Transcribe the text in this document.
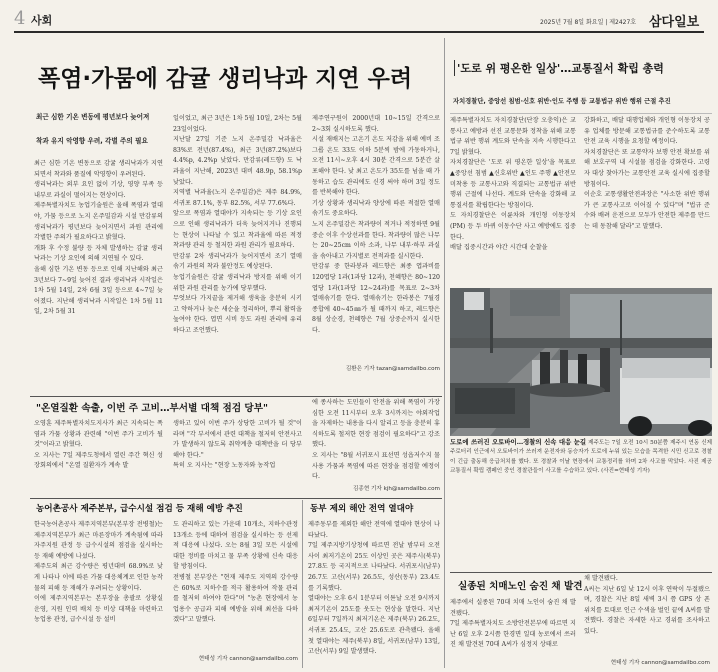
4 사회	2025년 7월 8일 화요일 | 제2427호 삼다일보
폭염·가뭄에 감귤 생리낙과 지연 우려
최근 심한 기온 변동에 평년보다 늦어져
착과 유지 악영향 우려, 각별 주의 필요
최근 심한 기온 변동으로 감귤 생리낙과가 지연되면서 착과와 품질에 악영향이 우려된다.
생리낙과는 외부 요인 없이 기상, 영양 부족 등 내부로 과실이 떨어지는 현상이다.
제주특별자치도 농업기술원은 올해 폭염과 열대야, 가뭄 등으로 노지 온주밀감과 시설 만감류의 생리낙과가 평년보다 늦어지면서 과원 관리에 각별한 주의가 필요하다고 밝혔다.
개화 후 수정 불량 등 자체 발생하는 감귤 생리낙과는 기상 요인에 의해 지연될 수 있다.
올해 심한 기온 변동 등으로 인해 지난해와 최근 3년보다 7~9일 늦어진 결과 생리낙과 시작일은 1차 5월 14일, 2차 6월 3일 등으로 4~7일 늦어졌다. 지난해 생리낙과 시작일은 1차 5월 11일, 2차 5월 31
일이었고, 최근 3년은 1차 5월 10일, 2차는 5월 23일이었다.
지난달 27일 기준 노지 온주밀감 낙과율은 83%로 전년(87.4%), 최근 3년(87.2%)보다 4.4%p, 4.2%p 낮았다. 만감류(레드향) 도 낙과율이 지난해, 2023년 대비 48.9p, 58.1%p 낮았다.
지역별 낙과율(노지 온주밀감)은 제주 84.9%, 서귀포 87.1%, 동부 82.5%, 서부 77.6%다.
앞으로 폭염과 열대야가 지속되는 등 기상 요인으로 인해 생리낙과가 더욱 늦어지거나 진행되는 현상이 나타날 수 있고 착과율에 따른 적정 착과량 관리 등 철저한 과원 관리가 필요하다.
만감류 2차 생리낙과가 늦어지면서 조기 열매 솎기 과원의 착과 불안정도 예상된다.
농업기술원은 감귤 생리낙과 방지를 위해 이기 위한 과원 관리를 농가에 당부했다.
무엇보다 가지끝을 제거해 생육을 충분히 시키고 약하거나 늦은 새순을 정리하며, 뿌리 활력을 높여야 한다. 엽면 시비 등도 과원 관리에 유리하다고 조언했다.
제주연구원이 2000년대 10~15일 간격으로 2~3회 실시하도록 했다.
시설 재배지는 고온기 온도 저감을 위해 예비 조그룹 온도 33도 이하 5분씩 밤에 가동하거나, 오전 11시~오후 4시 30분 간격으로 5분간 살포해야 한다. 낮 최고 온도가 35도를 넘을 때 가동하고 습도 관리에도 신경 써야 하며 3일 정도를 반복해야 한다.
기상 상황과 생리낙과 양상에 따른 적절한 열매솎기도 중요하다.
노지 온주밀감은 착과량이 적거나 적정하면 9월 중순 이후 수상선과를 한다. 착과량이 많은 나무는 20~25cm 이하 소과, 나무 내부·하부 과실을 솎아내고 가지별로 전적과를 실시한다.
만감류 중 한라봉과 레드향은 최종 엽과비를 120엽당 1과(1과당 12과), 천혜향은 80~120엽당 1과(1과당 12~24과)를 목표로 2~3차 열매솎기를 한다. 열매솎기는 한라봉은 7월경 종합에 40~45㎜가 될 때까지 하고, 레드향은 8월 상순경, 천혜향은 7월 상중순까지 실시한다.
김환은 기자 tazan@samdailbo.com
'도로 위 평온한 일상'…교통질서 확립 총력
자치경찰단, 중앙선 침범·신호 위반·인도 주행 등 교통법규 위반 행위 근절 추진
제주특별자치도 자치경찰단(단장 오충익)은 교통사고 예방과 선진 교통문화 정착을 위해 교통법규 위반 행위 계도와 단속을 지속 시행한다고 7일 밝혔다.
자치경찰단은 '도로 위 평온한 일상'을 목표로 ▲중앙선 침범 ▲신호위반 ▲인도 주행 ▲안전모 미착용 등 교통사고와 직결되는 교통법규 위반 행위 근절에 나선다. 계도와 단속을 강화해 교통질서를 확립한다는 방침이다.
도 자치경찰단은 이륜차와 개인형 이동장치(PM) 등 두 바퀴 이동수단 사고 예방에도 집중한다.
배달 집중시간과 야간 시간대 순찰을
강화하고, 배달 대행업체와 개인형 이동장치 공유 업체를 방문해 교통법규를 준수하도록 교통안전 교육 시행을 요청할 예정이다.
자치경찰단은 또 교통약자 보행 안전 확보를 위해 보호구역 내 시설물 점검을 강화한다. 고령자 대상 찾아가는 교통안전 교육 실시에 집중할 방침이다.
이순호 교통생활안전과장은 "사소한 위반 행위가 큰 교통사고로 이어질 수 있다"며 "법규 준수와 배려 운전으로 모두가 안전한 제주를 만드는 데 동참해 달라"고 말했다.
도로에 쓰러진 오토바이…경찰의 신속 대응 눈길 제주도는 7일 오전 10시 50분쯤 제주시 연동 신제주로터리 인근에서 오토바이가 쓰러져 운전자와 동승자가 도로에 누워 있는 모습을 목격한 시민 신고로 경찰이 긴급 출동해 응급처치를 했다. 또 경찰과 이날 현장에서 교통정리를 하며 2차 사고를 막았다. 사진 제공 교통질서 확립 캠페인 중인 경찰관들이 사고를 수습하고 있다. (사진=현태성 기자)
"온열질환 속출, 이번 주 고비…부서별 대책 점검 당부"
오영훈 제주특별자치도지사가 최근 지속되는 폭염과 가뭄 상황과 관련해 "이번 주가 고비가 될 것"이라고 밝혔다.
오 지사는 7일 제주도청에서 열린 주간 혁신 성장회의에서 "온열 질환자가 계속 발
생하고 있어 이번 주가 상당한 고비가 될 것"이라며 "각 부서에서 관련 대책을 철저히 안전사고가 발생하지 않도록 취약계층 대책반을 더 당부해야 한다."
특히 오 지사는 "현장 노동자와 농작업
에 종사하는 도민들이 안전을 위해 폭염이 가장 심한 오전 11시부터 오후 3시까지는 야외작업을 자제하는 내용을 다시 알리고 등을 충분히 휴식하도록 철저한 현장 점검이 필요하다"고 강조했다.
오 지사는 "8월 서귀포시 표선면 성읍저수지 물 사용 가뭄과 폭염에 따른 현장을 점검할 예정이다.
김종현 기자 kjh@samdailbo.com
농어촌공사 제주본부, 급수시설 점검 등 재해 예방 추진
한국농어촌공사 제주지역본부(본부장 전병철)는 제주지역본부가 최근 마른장마가 계속됨에 따라 자주지원 관정 등 급수시설의 점검을 실시하는 등 재해 예방에 나섰다.
제주도의 최근 강수량은 평년대비 68.9%로 낮게 나타나 이에 따른 가뭄 대응체계로 인한 농작물의 피해 등 재해가 우려되는 상황이다.
이에 제주지역본부는 본부장을 총괄로 상황실 운영, 지원 인력 배치 등 비상 대책을 마련하고 농업용 관정, 급수시설 등 설비
도 관리하고 있는 가운데 10개소, 지하수관정 13개소 등에 대하여 점검을 실시하는 등 선제적 대응에 나섰다. 오는 8월 3일 모든 시설에 대한 정비를 마치고 물 부족 상황에 신속 대응할 방침이다.
전병철 본부장은 "현재 제주도 지역의 강수량은 60%로 지하수를 적극 활용하여 작물 관리를 철저히 하여야 한다"며 "농촌 현장에서 농업용수 공급과 피해 예방을 위해 최선을 다하겠다"고 말했다.
현태성 기자 cannon@samdailbo.com
동부 제외 해안 전역 열대야
제주동부를 제외한 해안 전역에 열대야 현상이 나타났다.
7일 제주지방기상청에 따르면 전날 밤부터 오전 사이 최저기온이 25도 이상인 곳은 제주시(북부) 27.8도 등 국지적으로 나타났다. 서귀포시(남부) 26.7도 고산(서부) 26.5도, 성산(동부) 23.4도를 기록했다.
열대야는 오후 6시 1분부터 이튿날 오전 9시까지 최저기온이 25도를 웃도는 현상을 말한다. 지난 6일부터 7일까지 최저기온은 제주(북부) 26.2도, 서귀포 25.4도, 고산 25.6도로 관측됐다. 올해 첫 열대야는 제주(북부) 8일, 서귀포(남부) 13일, 고산(서부) 9일 발생했다.
실종된 치매노인 숨진 채 발견
제주에서 실종된 70대 치매 노인이 숨진 채 발견됐다.
7일 제주특별자치도 소방안전본부에 따르면 지난 6일 오후 2시쯤 한경면 일대 농로에서 쓰러진 채 발견된 70대 A씨가 심정지 상태로
채 발견됐다.
A씨는 지난 6일 낮 12시 이후 연락이 두절됐으며, 경찰은 지난 8일 새벽 3시 쯤 GPS 상 폰 위치를 토대로 인근 수색을 벌인 끝에 A씨를 발견했다. 경찰은 자세한 사고 경위를 조사하고 있다.
현태성 기자 cannon@samdailbo.com
